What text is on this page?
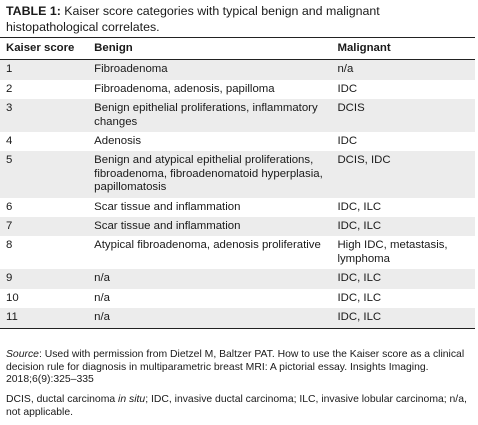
TABLE 1: Kaiser score categories with typical benign and malignant histopathological correlates.
Kaiser score	Benign	Malignant
1	Fibroadenoma	n/a
2	Fibroadenoma, adenosis, papilloma	IDC
3	Benign epithelial proliferations, inflammatory changes	DCIS
4	Adenosis	IDC
5	Benign and atypical epithelial proliferations, fibroadenoma, fibroadenomatoid hyperplasia, papillomatosis	DCIS, IDC
6	Scar tissue and inflammation	IDC, ILC
7	Scar tissue and inflammation	IDC, ILC
8	Atypical fibroadenoma, adenosis proliferative	High IDC, metastasis, lymphoma
9	n/a	IDC, ILC
10	n/a	IDC, ILC
11	n/a	IDC, ILC
Source: Used with permission from Dietzel M, Baltzer PAT. How to use the Kaiser score as a clinical decision rule for diagnosis in multiparametric breast MRI: A pictorial essay. Insights Imaging. 2018;6(9):325–335
DCIS, ductal carcinoma in situ; IDC, invasive ductal carcinoma; ILC, invasive lobular carcinoma; n/a, not applicable.
